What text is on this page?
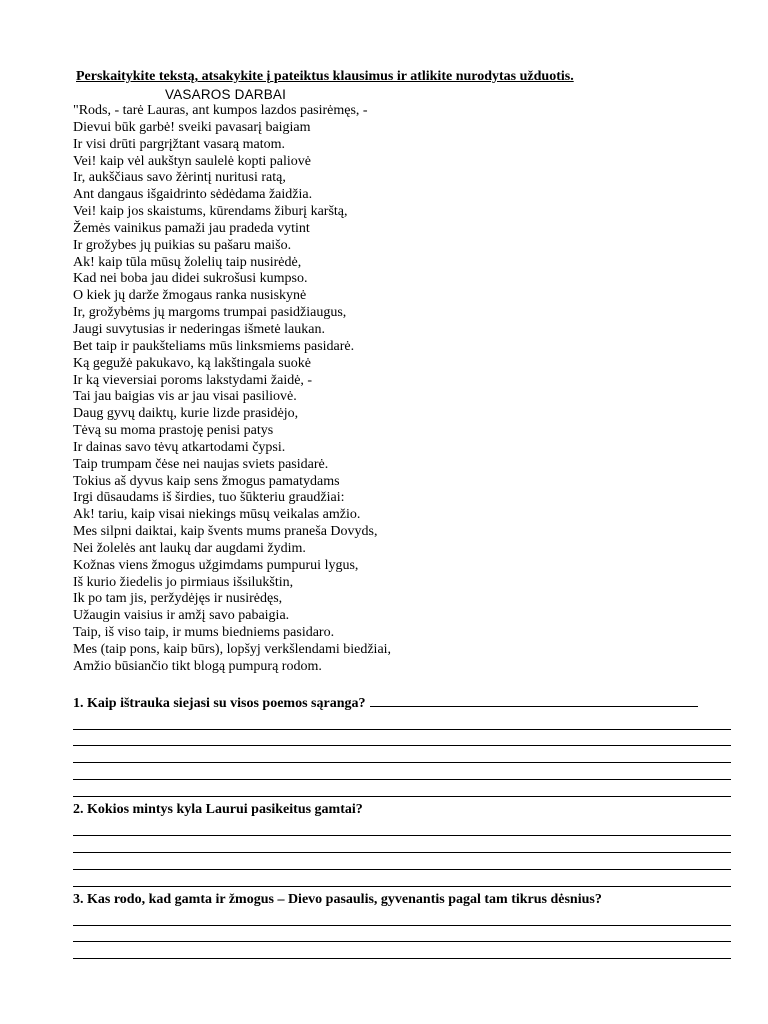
Perskaitykite tekstą, atsakykite į pateiktus klausimus ir atlikite nurodytas užduotis.
VASAROS DARBAI
"Rods, - tarė Lauras, ant kumpos lazdos pasirėmęs, -
Dievui būk garbė! sveiki pavasarį baigiam
Ir visi drūti pargrįžtant vasarą matom.
Vei! kaip vėl aukštyn saulelė kopti paliovė
Ir, aukščiaus savo žėrintį nuritusi ratą,
Ant dangaus išgaidrinto sėdėdama žaidžia.
Vei! kaip jos skaistums, kūrendams žiburį karštą,
Žemės vainikus pamaži jau pradeda vytint
Ir grožybes jų puikias su pašaru maišo.
Ak! kaip tūla mūsų žolelių taip nusirėdė,
Kad nei boba jau didei sukrošusi kumpso.
O kiek jų darže žmogaus ranka nusiskynė
Ir, grožybėms jų margoms trumpai pasidžiaugus,
Jaugi suvytusias ir nederingas išmetė laukan.
Bet taip ir paukšteliams mūs linksmiems pasidarė.
Ką gegužė pakukavo, ką lakštingala suokė
Ir ką vieversiai poroms lakstydami žaidė, -
Tai jau baigias vis ar jau visai pasiliovė.
Daug gyvų daiktų, kurie lizde prasidėjo,
Tėvą su moma prastoję penisi patys
Ir dainas savo tėvų atkartodami čypsi.
Taip trumpam čėse nei naujas sviets pasidarė.
Tokius aš dyvus kaip sens žmogus pamatydams
Irgi dūsaudams iš širdies, tuo šūkteriu graudžiai:
Ak! tariu, kaip visai niekings mūsų veikalas amžio.
Mes silpni daiktai, kaip švents mums praneša Dovyds,
Nei žolelės ant laukų dar augdami žydim.
Kožnas viens žmogus užgimdams pumpurui lygus,
Iš kurio žiedelis jo pirmiaus išsilukštin,
Ik po tam jis, peržydėjęs ir nusirėdęs,
Užaugin vaisius ir amžį savo pabaigia.
Taip, iš viso taip, ir mums biedniems pasidaro.
Mes (taip pons, kaip būrs), lopšyj verkšlendami biedžiai,
Amžio būsiančio tikt blogą pumpurą rodom.
1. Kaip ištrauka siejasi su visos poemos sąranga?
2. Kokios mintys kyla Laurui pasikeitus gamtai?
3. Kas rodo, kad gamta ir žmogus – Dievo pasaulis, gyvenantis pagal tam tikrus dėsnius?
